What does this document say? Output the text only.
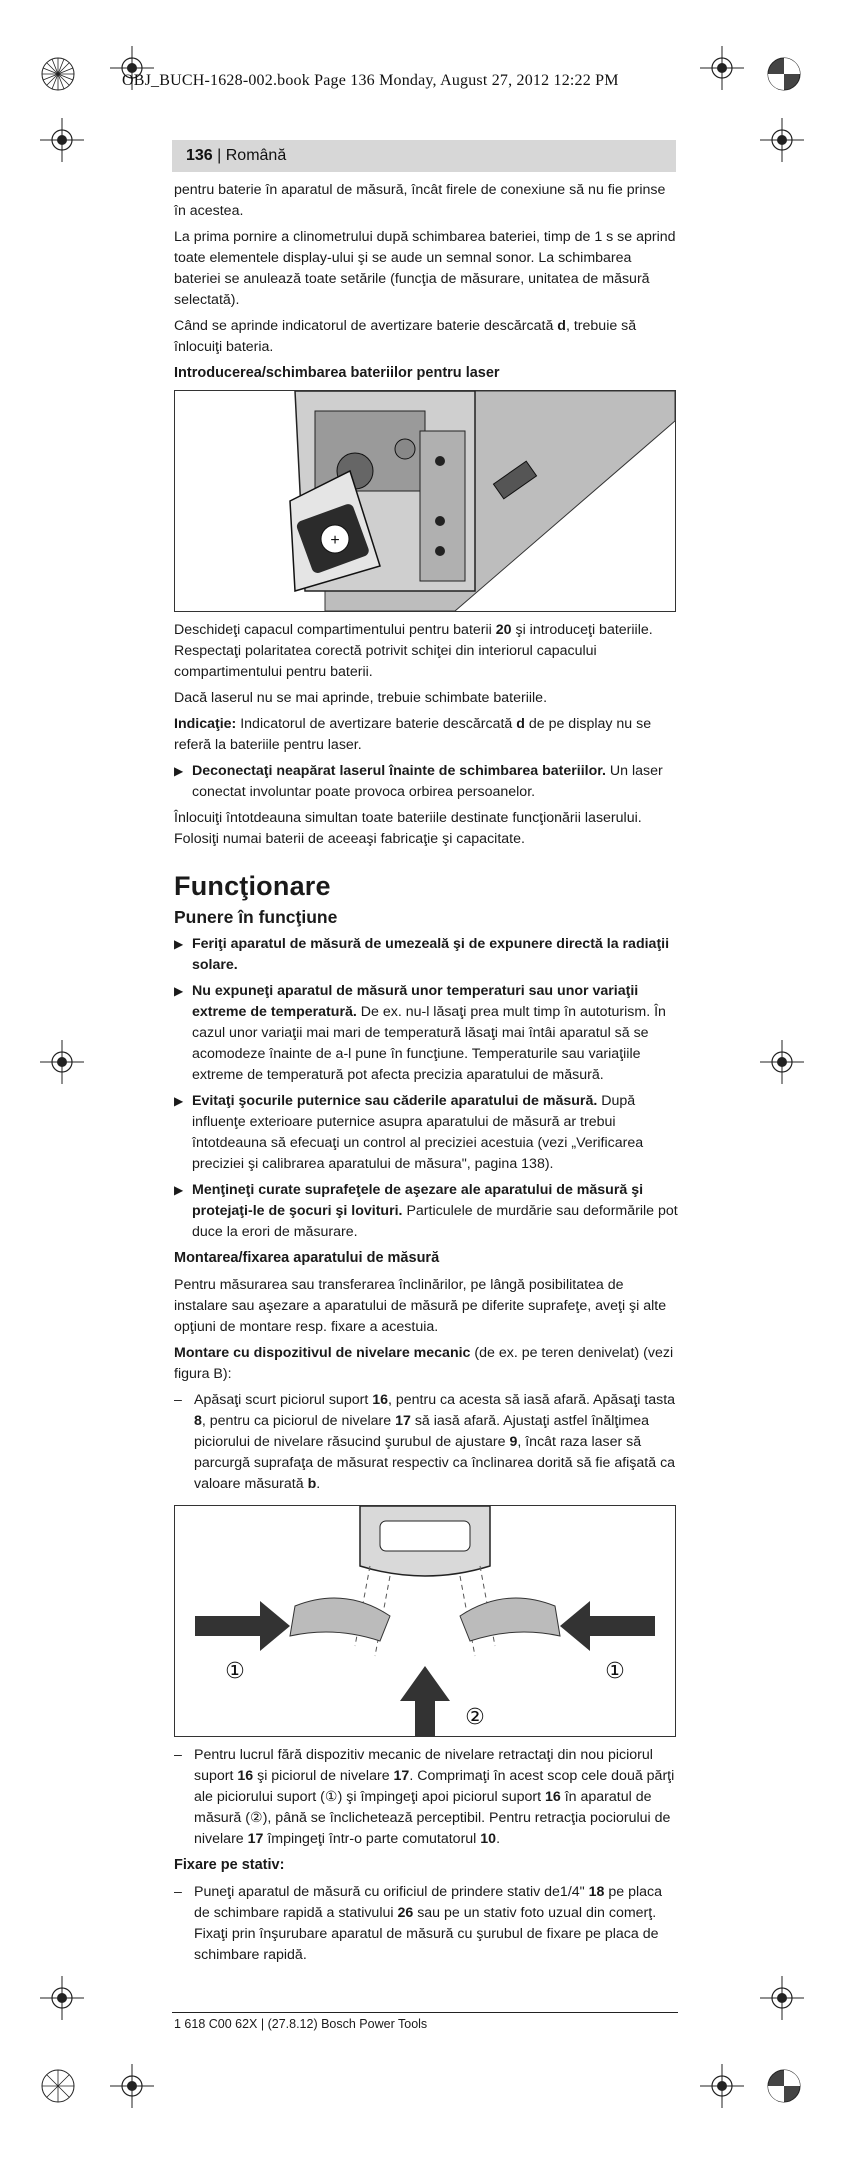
OBJ_BUCH-1628-002.book Page 136 Monday, August 27, 2012 12:22 PM
136 | Română

pentru baterie în aparatul de măsură, încât firele de conexiune să nu fie prinse în acestea.

La prima pornire a clinometrului după schimbarea bateriei, timp de 1 s se aprind toate elementele display-ului şi se aude un semnal sonor. La schimbarea bateriei se anulează toate setările (funcţia de măsurare, unitatea de măsură selectată).

Când se aprinde indicatorul de avertizare baterie descărcată d, trebuie să înlocuiţi bateria.

Introducerea/schimbarea bateriilor pentru laser
+

Deschideţi capacul compartimentului pentru baterii 20 şi introduceţi bateriile. Respectaţi polaritatea corectă potrivit schiţei din interiorul capacului compartimentului pentru baterii.

Dacă laserul nu se mai aprinde, trebuie schimbate bateriile.

Indicaţie: Indicatorul de avertizare baterie descărcată d de pe display nu se referă la bateriile pentru laser.

▶ Deconectaţi neapărat laserul înainte de schimbarea bateriilor. Un laser conectat involuntar poate provoca orbirea persoanelor.

Înlocuiţi întotdeauna simultan toate bateriile destinate funcţionării laserului. Folosiţi numai baterii de aceeaşi fabricaţie şi capacitate.

Funcţionare
Punere în funcţiune
▶ Feriţi aparatul de măsură de umezeală şi de expunere directă la radiaţii solare.
▶ Nu expuneţi aparatul de măsură unor temperaturi sau unor variaţii extreme de temperatură. De ex. nu-l lăsaţi prea mult timp în autoturism. În cazul unor variaţii mai mari de temperatură lăsaţi mai întâi aparatul să se acomodeze înainte de a-l pune în funcţiune. Temperaturile sau variaţiile extreme de temperatură pot afecta precizia aparatului de măsură.
▶ Evitaţi şocurile puternice sau căderile aparatului de măsură. După influenţe exterioare puternice asupra aparatului de măsură ar trebui întotdeauna să efecuaţi un control al preciziei acestuia (vezi „Verificarea preciziei şi calibrarea aparatului de măsura", pagina 138).
▶ Menţineţi curate suprafeţele de aşezare ale aparatului de măsură şi protejaţi-le de şocuri şi lovituri. Particulele de murdărie sau deformările pot duce la erori de măsurare.
Montarea/fixarea aparatului de măsură

Pentru măsurarea sau transferarea înclinărilor, pe lângă posibilitatea de instalare sau aşezare a aparatului de măsură pe diferite suprafeţe, aveţi şi alte opţiuni de montare resp. fixare a acestuia.

Montare cu dispozitivul de nivelare mecanic (de ex. pe teren denivelat) (vezi figura B):

– Apăsaţi scurt piciorul suport 16, pentru ca acesta să iasă afară. Apăsaţi tasta 8, pentru ca piciorul de nivelare 17 să iasă afară. Ajustaţi astfel înălţimea piciorului de nivelare răsucind şurubul de ajustare 9, încât raza laser să parcurgă suprafaţa de măsurat respectiv ca înclinarea dorită să fie afişată ca valoare măsurată b.
①	①
②
– Pentru lucrul fără dispozitiv mecanic de nivelare retractaţi din nou piciorul suport 16 şi piciorul de nivelare 17. Comprimaţi în acest scop cele două părţi ale piciorului suport (①) şi împingeţi apoi piciorul suport 16 în aparatul de măsură (②), până se înclichetează perceptibil. Pentru retracţia pociorului de nivelare 17 împingeţi într-o parte comutatorul 10.
Fixare pe stativ:
– Puneţi aparatul de măsură cu orificiul de prindere stativ de1/4" 18 pe placa de schimbare rapidă a stativului 26 sau pe un stativ foto uzual din comerţ. Fixaţi prin înşurubare aparatul de măsură cu şurubul de fixare pe placa de schimbare rapidă.
1 618 C00 62X | (27.8.12) Bosch Power Tools
